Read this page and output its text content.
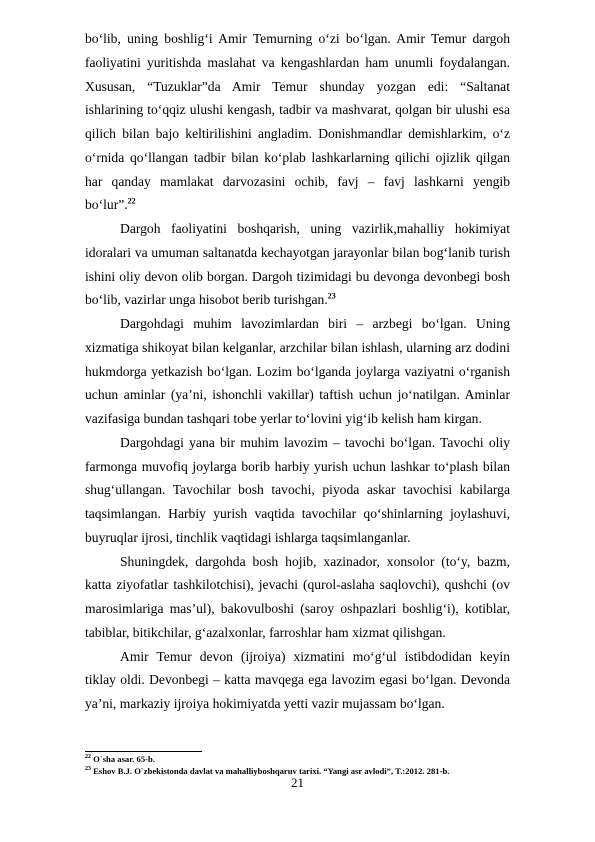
bo‘lib, uning boshlig‘i Amir Temurning o‘zi bo‘lgan. Amir Temur dargoh faoliyatini yuritishda maslahat va kengashlardan ham unumli foydalangan. Xususan, “Tuzuklar”da Amir Temur shunday yozgan edi: “Saltanat ishlarining to‘qqiz ulushi kengash, tadbir va mashvarat, qolgan bir ulushi esa qilich bilan bajo keltirilishini angladim. Donishmandlar demishlarkim, o‘z o‘rnida qo‘llangan tadbir bilan ko‘plab lashkarlarning qilichi ojizlik qilgan har qanday mamlakat darvozasini ochib, favj – favj lashkarni yengib bo‘lur”.$^{22}$

Dargoh faoliyatini boshqarish, uning vazirlik,mahalliy hokimiyat idoralari va umuman saltanatda kechayotgan jarayonlar bilan bog‘lanib turish ishini oliy devon olib borgan. Dargoh tizimidagi bu devonga devonbegi bosh bo‘lib, vazirlar unga hisobot berib turishgan.$^{23}$

Dargohdagi muhim lavozimlardan biri – arzbegi bo‘lgan. Uning xizmatiga shikoyat bilan kelganlar, arzchilar bilan ishlash, ularning arz dodini hukmdorga yetkazish bo‘lgan. Lozim bo‘lganda joylarga vaziyatni o‘rganish uchun aminlar (ya’ni, ishonchli vakillar) taftish uchun jo‘natilgan. Aminlar vazifasiga bundan tashqari tobe yerlar to‘lovini yig‘ib kelish ham kirgan.

Dargohdagi yana bir muhim lavozim – tavochi bo‘lgan. Tavochi oliy farmonga muvofiq joylarga borib harbiy yurish uchun lashkar to‘plash bilan shug‘ullangan. Tavochilar bosh tavochi, piyoda askar tavochisi kabilarga taqsimlangan. Harbiy yurish vaqtida tavochilar qo‘shinlarning joylashuvi, buyruqlar ijrosi, tinchlik vaqtidagi ishlarga taqsimlanganlar.

Shuningdek, dargohda bosh hojib, xazinador, xonsolor (to‘y, bazm, katta ziyofatlar tashkilotchisi), jevachi (qurol-aslaha saqlovchi), qushchi (ov marosimlariga mas’ul), bakovulboshi (saroy oshpazlari boshlig‘i), kotiblar, tabiblar, bitikchilar, g‘azalxonlar, farroshlar ham xizmat qilishgan.

Amir Temur devon (ijroiya) xizmatini mo‘g‘ul istibdodidan keyin tiklay oldi. Devonbegi – katta mavqega ega lavozim egasi bo‘lgan. Devonda ya’ni, markaziy ijroiya hokimiyatda yetti vazir mujassam bo‘lgan.

$^{22}$ O`sha asar. 65-b.

$^{23}$ Eshov B.J. O`zbekistonda davlat va mahalliyboshqaruv tarixi. “Yangi asr avlodi”, T.:2012. 281-b.

21
